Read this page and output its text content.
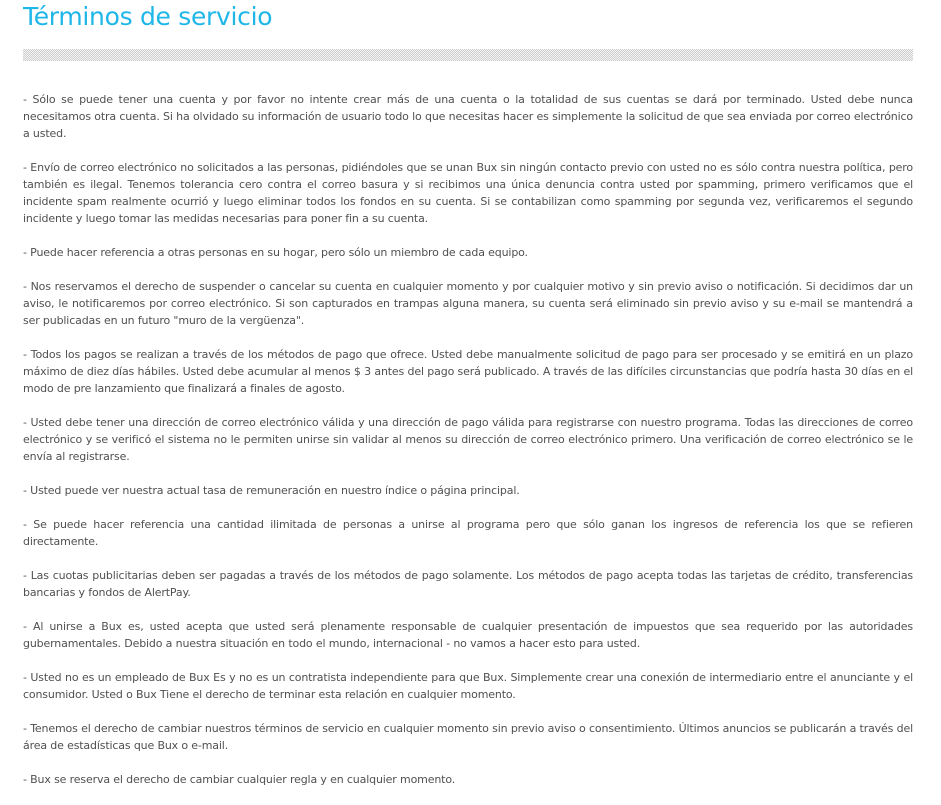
Términos de servicio

- Sólo se puede tener una cuenta y por favor no intente crear más de una cuenta o la totalidad de sus cuentas se dará por terminado. Usted debe nunca necesitamos otra cuenta. Si ha olvidado su información de usuario todo lo que necesitas hacer es simplemente la solicitud de que sea enviada por correo electrónico a usted.

- Envío de correo electrónico no solicitados a las personas, pidiéndoles que se unan Bux sin ningún contacto previo con usted no es sólo contra nuestra política, pero también es ilegal. Tenemos tolerancia cero contra el correo basura y si recibimos una única denuncia contra usted por spamming, primero verificamos que el incidente spam realmente ocurrió y luego eliminar todos los fondos en su cuenta. Si se contabilizan como spamming por segunda vez, verificaremos el segundo incidente y luego tomar las medidas necesarias para poner fin a su cuenta.

- Puede hacer referencia a otras personas en su hogar, pero sólo un miembro de cada equipo.

- Nos reservamos el derecho de suspender o cancelar su cuenta en cualquier momento y por cualquier motivo y sin previo aviso o notificación. Si decidimos dar un aviso, le notificaremos por correo electrónico. Si son capturados en trampas alguna manera, su cuenta será eliminado sin previo aviso y su e-mail se mantendrá a ser publicadas en un futuro "muro de la vergüenza".

- Todos los pagos se realizan a través de los métodos de pago que ofrece. Usted debe manualmente solicitud de pago para ser procesado y se emitirá en un plazo máximo de diez días hábiles. Usted debe acumular al menos $ 3 antes del pago será publicado. A través de las difíciles circunstancias que podría hasta 30 días en el modo de pre lanzamiento que finalizará a finales de agosto.

- Usted debe tener una dirección de correo electrónico válida y una dirección de pago válida para registrarse con nuestro programa. Todas las direcciones de correo electrónico y se verificó el sistema no le permiten unirse sin validar al menos su dirección de correo electrónico primero. Una verificación de correo electrónico se le envía al registrarse.

- Usted puede ver nuestra actual tasa de remuneración en nuestro índice o página principal.

- Se puede hacer referencia una cantidad ilimitada de personas a unirse al programa pero que sólo ganan los ingresos de referencia los que se refieren directamente.

- Las cuotas publicitarias deben ser pagadas a través de los métodos de pago solamente. Los métodos de pago acepta todas las tarjetas de crédito, transferencias bancarias y fondos de AlertPay.

- Al unirse a Bux es, usted acepta que usted será plenamente responsable de cualquier presentación de impuestos que sea requerido por las autoridades gubernamentales. Debido a nuestra situación en todo el mundo, internacional - no vamos a hacer esto para usted.

- Usted no es un empleado de Bux Es y no es un contratista independiente para que Bux. Simplemente crear una conexión de intermediario entre el anunciante y el consumidor. Usted o Bux Tiene el derecho de terminar esta relación en cualquier momento.

- Tenemos el derecho de cambiar nuestros términos de servicio en cualquier momento sin previo aviso o consentimiento. Últimos anuncios se publicarán a través del área de estadísticas que Bux o e-mail.

- Bux se reserva el derecho de cambiar cualquier regla y en cualquier momento.
